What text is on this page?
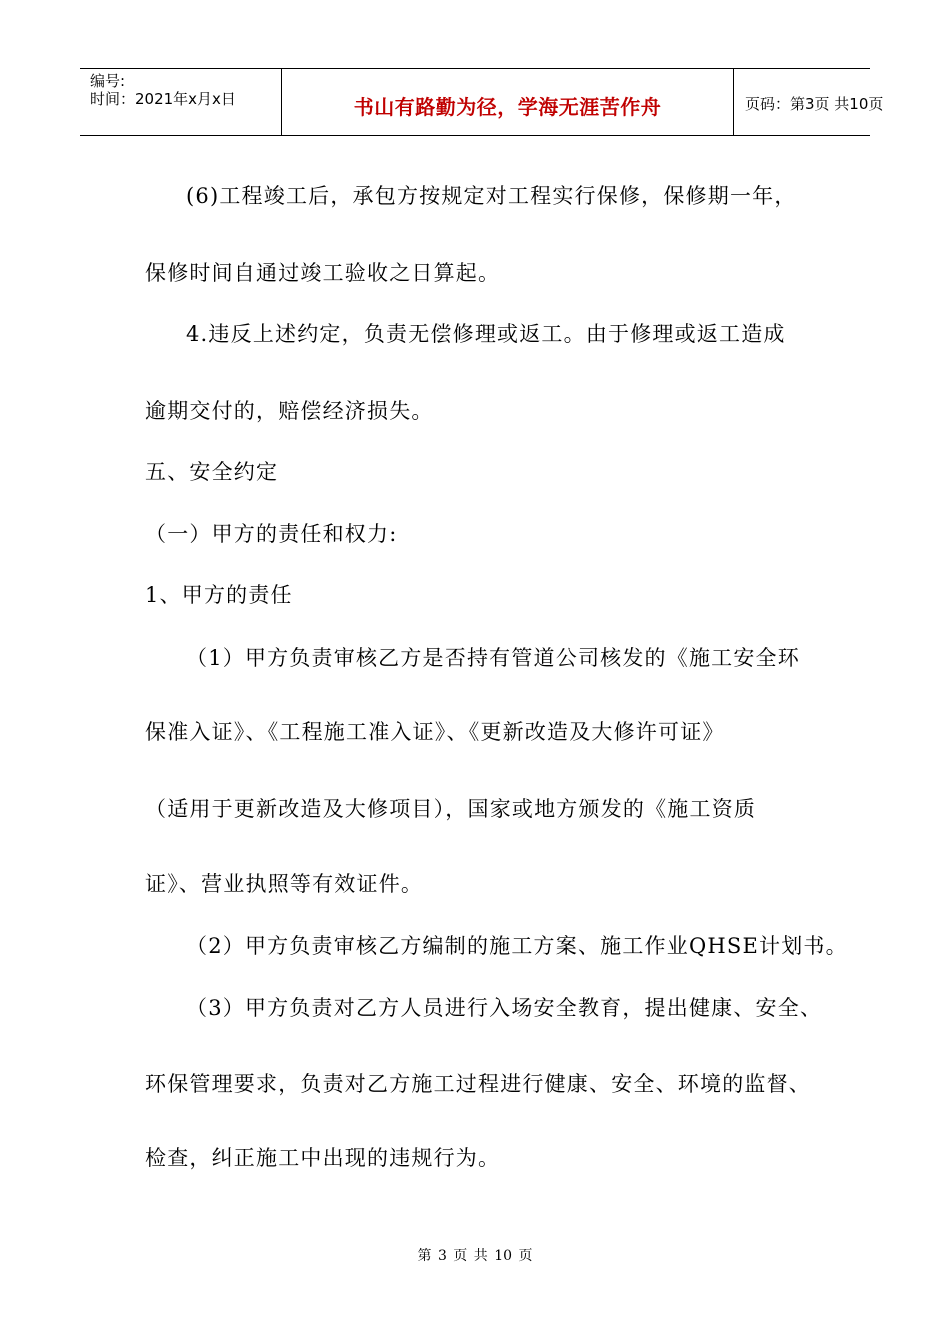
编号:
时间：2021年x月x日	书山有路勤为径，学海无涯苦作舟	页码：第3页 共10页
(6)工程竣工后，承包方按规定对工程实行保修，保修期一年，
保修时间自通过竣工验收之日算起。
4.违反上述约定，负责无偿修理或返工。由于修理或返工造成
逾期交付的，赔偿经济损失。
五、安全约定
（一）甲方的责任和权力:
1、甲方的责任
（1）甲方负责审核乙方是否持有管道公司核发的《施工安全环
保准入证》、《工程施工准入证》、《更新改造及大修许可证》
（适用于更新改造及大修项目），国家或地方颁发的《施工资质
证》、营业执照等有效证件。
（2）甲方负责审核乙方编制的施工方案、施工作业QHSE计划书。
（3）甲方负责对乙方人员进行入场安全教育，提出健康、安全、
环保管理要求，负责对乙方施工过程进行健康、安全、环境的监督、
检查，纠正施工中出现的违规行为。
第 3 页 共 10 页
